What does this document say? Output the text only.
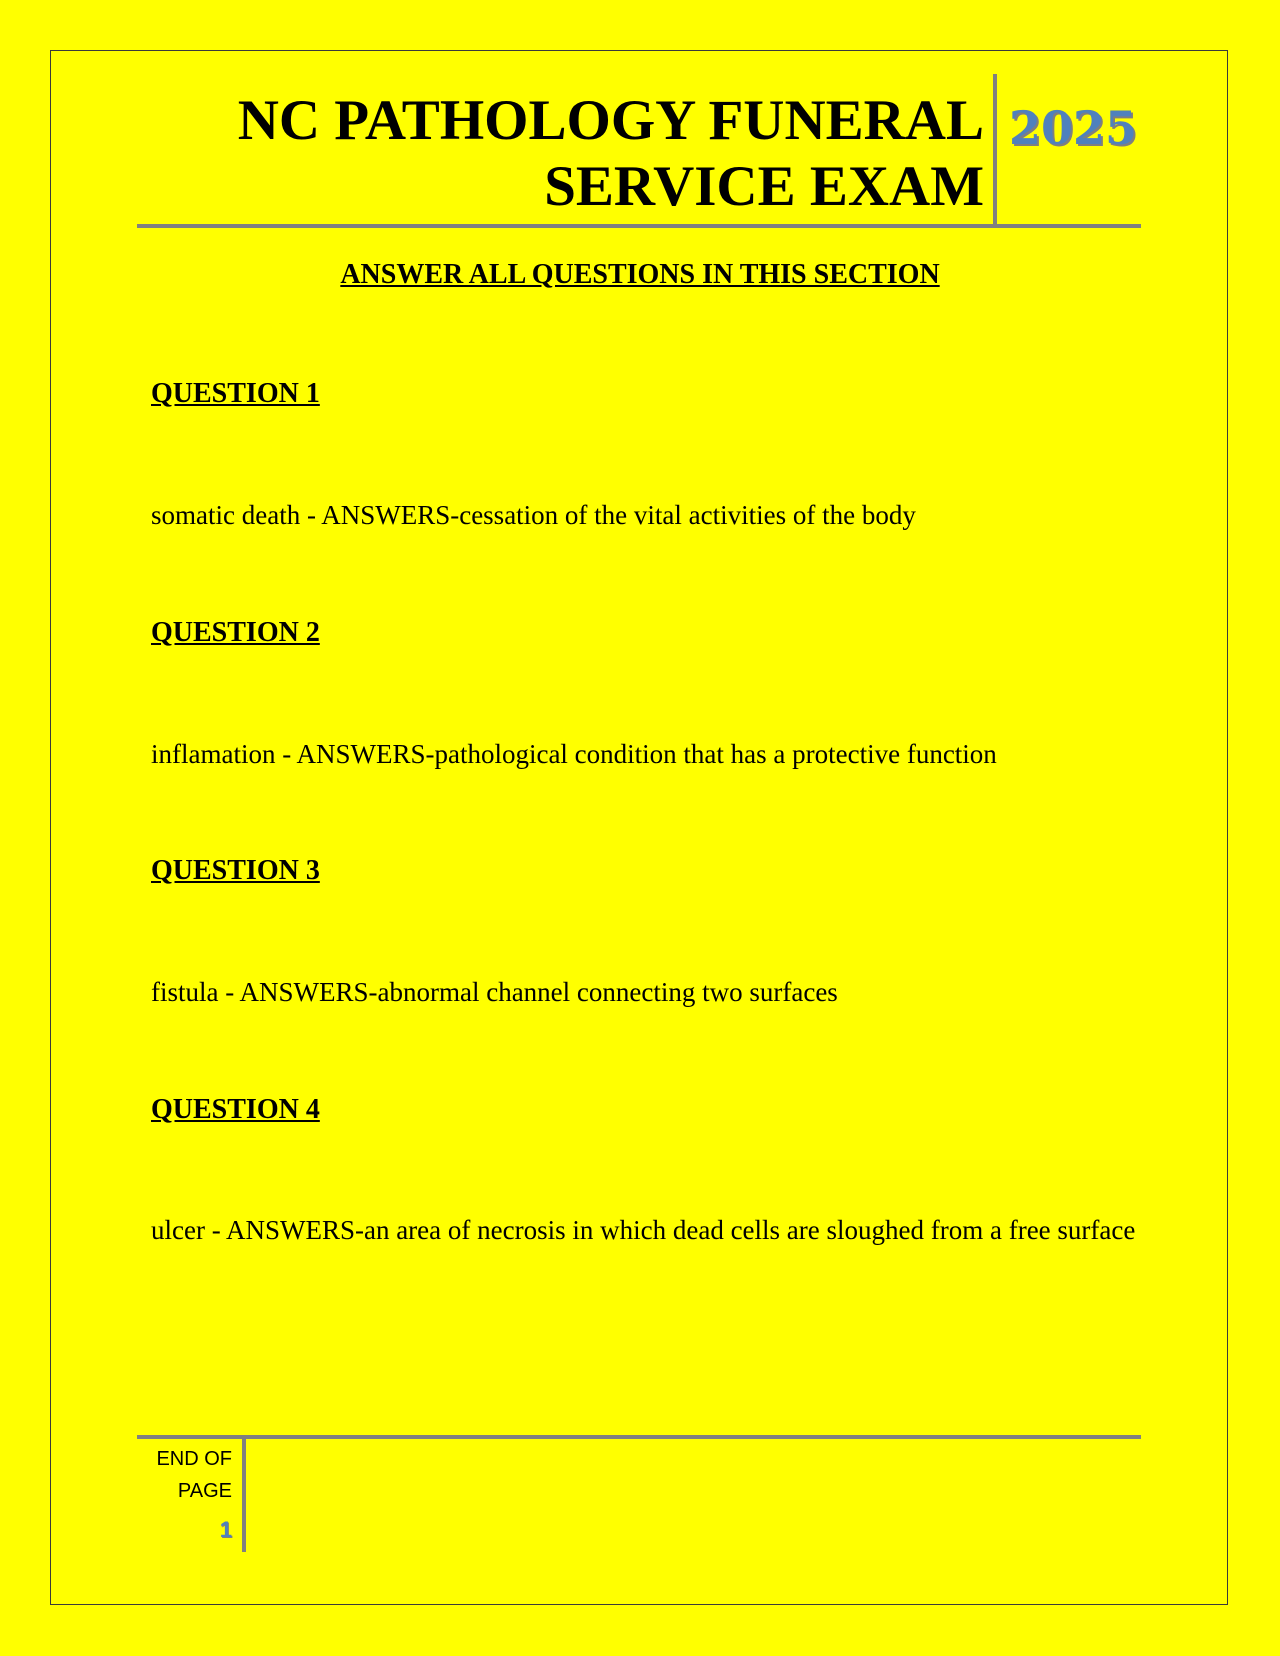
NC PATHOLOGY FUNERAL
SERVICE EXAM
2025
ANSWER ALL QUESTIONS IN THIS SECTION
QUESTION 1
somatic death - ANSWERS-cessation of the vital activities of the body
QUESTION 2
inflamation - ANSWERS-pathological condition that has a protective function
QUESTION 3
fistula - ANSWERS-abnormal channel connecting two surfaces
QUESTION 4
ulcer - ANSWERS-an area of necrosis in which dead cells are sloughed from a free surface
END OF
PAGE
1
